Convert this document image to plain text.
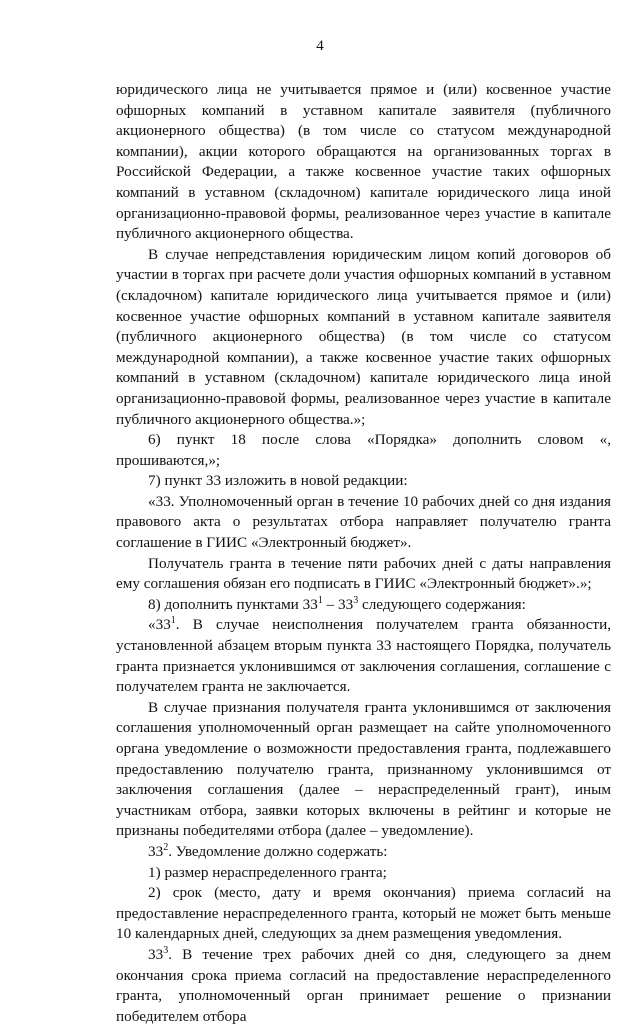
4

юридического лица не учитывается прямое и (или) косвенное участие офшорных компаний в уставном капитале заявителя (публичного акционерного общества) (в том числе со статусом международной компании), акции которого обращаются на организованных торгах в Российской Федерации, а также косвенное участие таких офшорных компаний в уставном (складочном) капитале юридического лица иной организационно-правовой формы, реализованное через участие в капитале публичного акционерного общества.

В случае непредставления юридическим лицом копий договоров об участии в торгах при расчете доли участия офшорных компаний в уставном (складочном) капитале юридического лица учитывается прямое и (или) косвенное участие офшорных компаний в уставном капитале заявителя (публичного акционерного общества) (в том числе со статусом международной компании), а также косвенное участие таких офшорных компаний в уставном (складочном) капитале юридического лица иной организационно-правовой формы, реализованное через участие в капитале публичного акционерного общества.»;

6) пункт 18 после слова «Порядка» дополнить словом «, прошиваются,»;

7) пункт 33 изложить в новой редакции:

«33. Уполномоченный орган в течение 10 рабочих дней со дня издания правового акта о результатах отбора направляет получателю гранта соглашение в ГИИС «Электронный бюджет».

Получатель гранта в течение пяти рабочих дней с даты направления ему соглашения обязан его подписать в ГИИС «Электронный бюджет».»;

8) дополнить пунктами $33^1 - 33^3$ следующего содержания:

«$33^1$. В случае неисполнения получателем гранта обязанности, установленной абзацем вторым пункта 33 настоящего Порядка, получатель гранта признается уклонившимся от заключения соглашения, соглашение с получателем гранта не заключается.

В случае признания получателя гранта уклонившимся от заключения соглашения уполномоченный орган размещает на сайте уполномоченного органа уведомление о возможности предоставления гранта, подлежавшего предоставлению получателю гранта, признанному уклонившимся от заключения соглашения (далее – нераспределенный грант), иным участникам отбора, заявки которых включены в рейтинг и которые не признаны победителями отбора (далее – уведомление).

$33^2$. Уведомление должно содержать:

1) размер нераспределенного гранта;

2) срок (место, дату и время окончания) приема согласий на предоставление нераспределенного гранта, который не может быть меньше 10 календарных дней, следующих за днем размещения уведомления.

$33^3$. В течение трех рабочих дней со дня, следующего за днем окончания срока приема согласий на предоставление нераспределенного гранта, уполномоченный орган принимает решение о признании победителем отбора
